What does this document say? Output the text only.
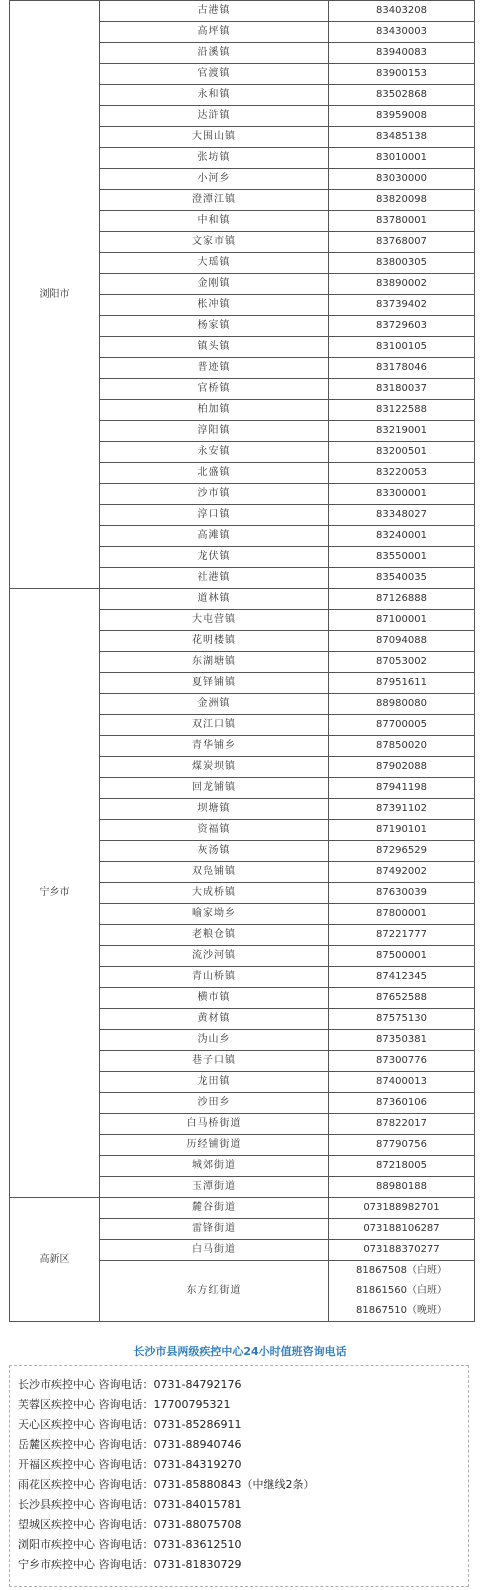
浏阳市	古港镇	83403208
	高坪镇	83430003
	沿溪镇	83940083
	官渡镇	83900153
	永和镇	83502868
	达浒镇	83959008
	大围山镇	83485138
	张坊镇	83010001
	小河乡	83030000
	澄潭江镇	83820098
	中和镇	83780001
	文家市镇	83768007
	大瑶镇	83800305
	金刚镇	83890002
	枨冲镇	83739402
	杨家镇	83729603
	镇头镇	83100105
	普迹镇	83178046
	官桥镇	83180037
	柏加镇	83122588
	淳阳镇	83219001
	永安镇	83200501
	北盛镇	83220053
	沙市镇	83300001
	淳口镇	83348027
	高滩镇	83240001
	龙伏镇	83550001
	社港镇	83540035
宁乡市	道林镇	87126888
	大屯营镇	87100001
	花明楼镇	87094088
	东湖塘镇	87053002
	夏铎铺镇	87951611
	金洲镇	88980080
	双江口镇	87700005
	青华铺乡	87850020
	煤炭坝镇	87902088
	回龙铺镇	87941198
	坝塘镇	87391102
	资福镇	87190101
	灰汤镇	87296529
	双凫铺镇	87492002
	大成桥镇	87630039
	喻家坳乡	87800001
	老粮仓镇	87221777
	流沙河镇	87500001
	青山桥镇	87412345
	横市镇	87652588
	黄材镇	87575130
	沩山乡	87350381
	巷子口镇	87300776
	龙田镇	87400013
	沙田乡	87360106
	白马桥街道	87822017
	历经铺街道	87790756
	城郊街道	87218005
	玉潭街道	88980188
高新区	麓谷街道	073188982701
	雷锋街道	073188106287
	白马街道	073188370277
	东方红街道	81867508（白班）
81861560（白班）
81867510（晚班）
长沙市县两级疾控中心24小时值班咨询电话
长沙市疾控中心 咨询电话：0731-84792176
芙蓉区疾控中心 咨询电话：17700795321
天心区疾控中心 咨询电话：0731-85286911
岳麓区疾控中心 咨询电话：0731-88940746
开福区疾控中心 咨询电话：0731-84319270
雨花区疾控中心 咨询电话：0731-85880843（中继线2条）
长沙县疾控中心 咨询电话：0731-84015781
望城区疾控中心 咨询电话：0731-88075708
浏阳市疾控中心 咨询电话：0731-83612510
宁乡市疾控中心 咨询电话：0731-81830729
